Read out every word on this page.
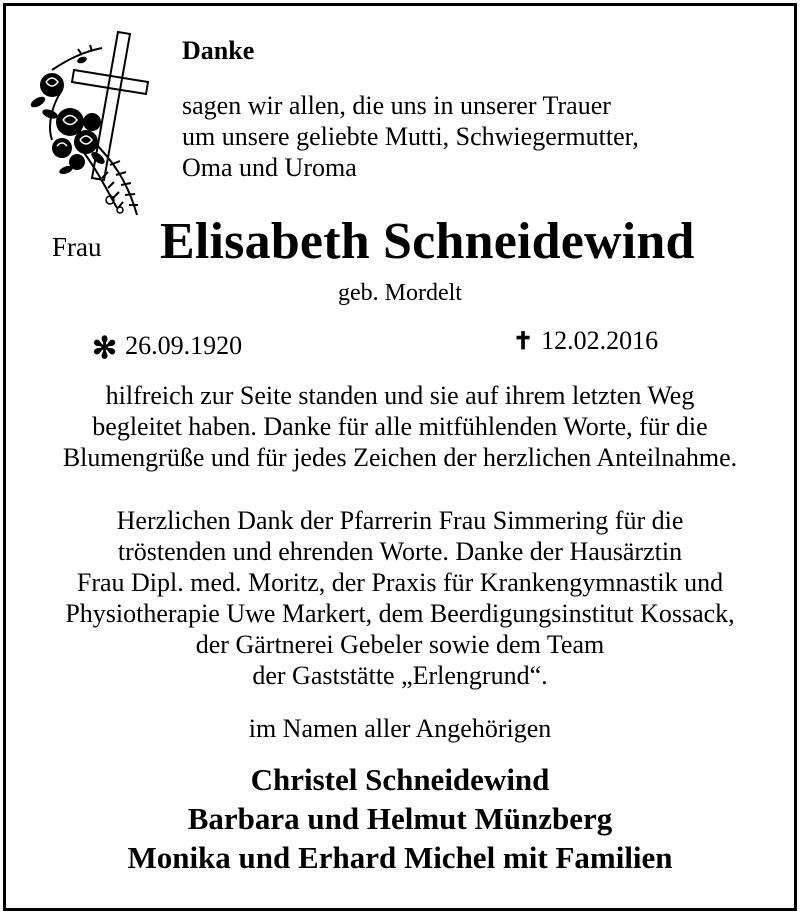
Danke
sagen wir allen, die uns in unserer Trauer
um unsere geliebte Mutti, Schwiegermutter,
Oma und Uroma
Frau Elisabeth Schneidewind
geb. Mordelt
✻ 26.09.1920	✝ 12.02.2016
hilfreich zur Seite standen und sie auf ihrem letzten Weg
begleitet haben. Danke für alle mitfühlenden Worte, für die
Blumengrüße und für jedes Zeichen der herzlichen Anteilnahme.
Herzlichen Dank der Pfarrerin Frau Simmering für die
tröstenden und ehrenden Worte. Danke der Hausärztin
Frau Dipl. med. Moritz, der Praxis für Krankengymnastik und
Physiotherapie Uwe Markert, dem Beerdigungsinstitut Kossack,
der Gärtnerei Gebeler sowie dem Team
der Gaststätte „Erlengrund“.
im Namen aller Angehörigen
Christel Schneidewind
Barbara und Helmut Münzberg
Monika und Erhard Michel mit Familien
